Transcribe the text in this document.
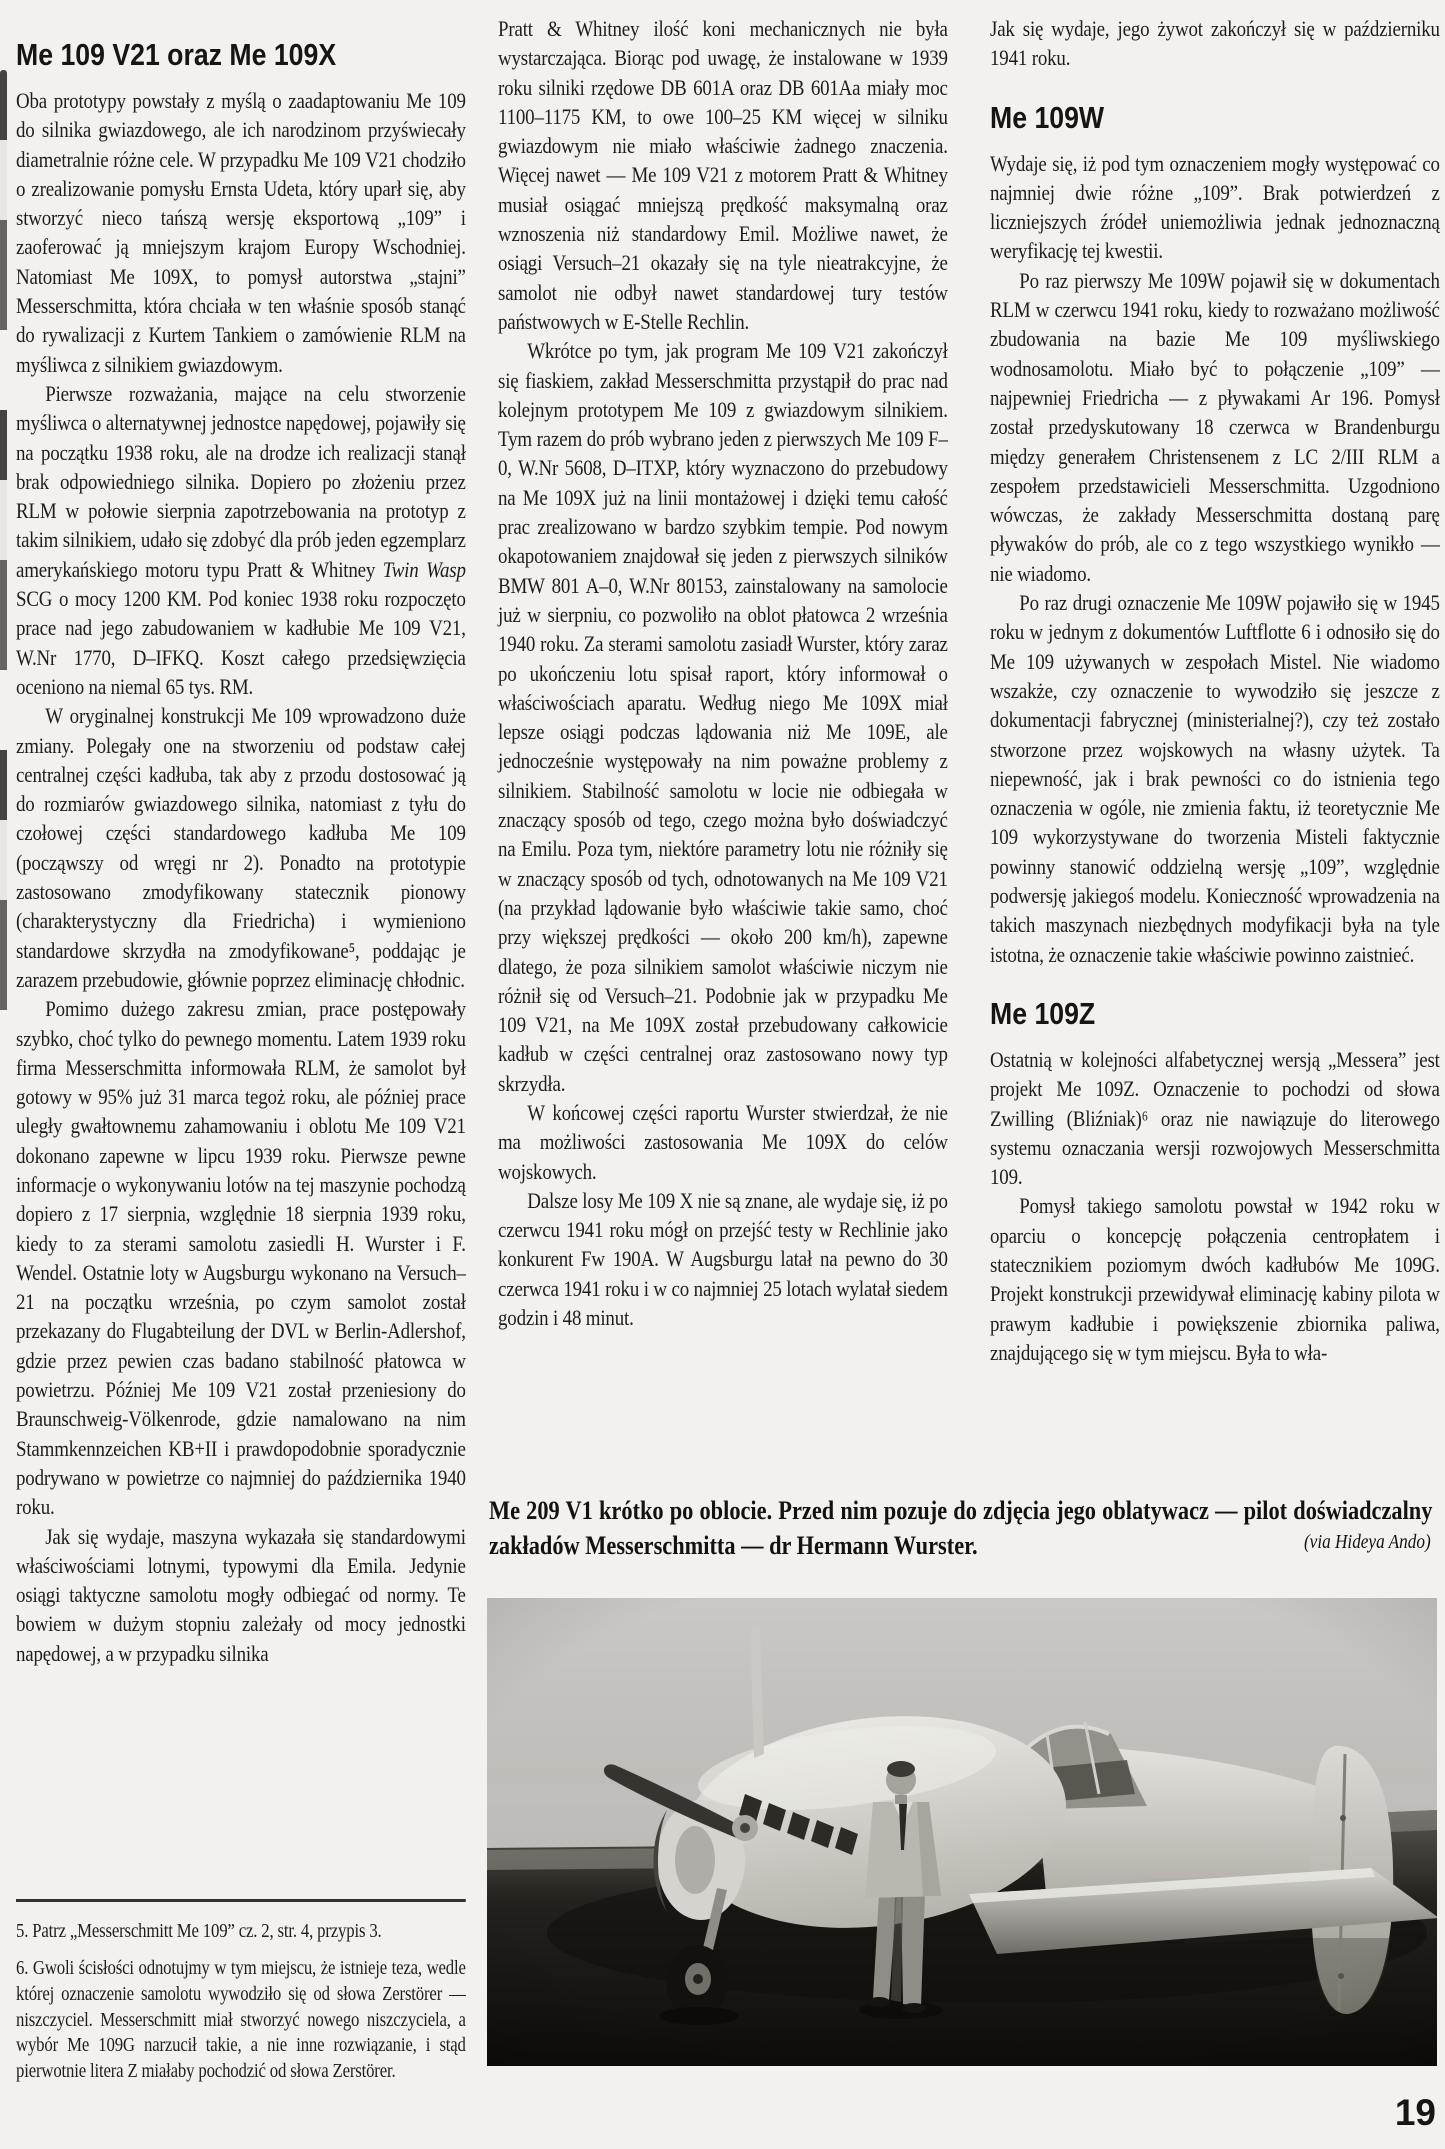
Me 109 V21 oraz Me 109X

Oba prototypy powstały z myślą o zaadaptowaniu Me 109 do silnika gwiazdowego, ale ich narodzinom przyświecały diametralnie różne cele. W przypadku Me 109 V21 chodziło o zrealizowanie pomysłu Ernsta Udeta, który uparł się, aby stworzyć nieco tańszą wersję eksportową „109” i zaoferować ją mniejszym krajom Europy Wschodniej. Natomiast Me 109X, to pomysł autorstwa „stajni” Messerschmitta, która chciała w ten właśnie sposób stanąć do rywalizacji z Kurtem Tankiem o zamówienie RLM na myśliwca z silnikiem gwiazdowym.

Pierwsze rozważania, mające na celu stworzenie myśliwca o alternatywnej jednostce napędowej, pojawiły się na początku 1938 roku, ale na drodze ich realizacji stanął brak odpowiedniego silnika. Dopiero po złożeniu przez RLM w połowie sierpnia zapotrzebowania na prototyp z takim silnikiem, udało się zdobyć dla prób jeden egzemplarz amerykańskiego motoru typu Pratt & Whitney Twin Wasp SCG o mocy 1200 KM. Pod koniec 1938 roku rozpoczęto prace nad jego zabudowaniem w kadłubie Me 109 V21, W.Nr 1770, D–IFKQ. Koszt całego przedsięwzięcia oceniono na niemal 65 tys. RM.

W oryginalnej konstrukcji Me 109 wprowadzono duże zmiany. Polegały one na stworzeniu od podstaw całej centralnej części kadłuba, tak aby z przodu dostosować ją do rozmiarów gwiazdowego silnika, natomiast z tyłu do czołowej części standardowego kadłuba Me 109 (począwszy od wręgi nr 2). Ponadto na prototypie zastosowano zmodyfikowany statecznik pionowy (charakterystyczny dla Friedricha) i wymieniono standardowe skrzydła na zmodyfikowane⁵, poddając je zarazem przebudowie, głównie poprzez eliminację chłodnic.

Pomimo dużego zakresu zmian, prace postępowały szybko, choć tylko do pewnego momentu. Latem 1939 roku firma Messerschmitta informowała RLM, że samolot był gotowy w 95% już 31 marca tegoż roku, ale później prace uległy gwałtownemu zahamowaniu i oblotu Me 109 V21 dokonano zapewne w lipcu 1939 roku. Pierwsze pewne informacje o wykonywaniu lotów na tej maszynie pochodzą dopiero z 17 sierpnia, względnie 18 sierpnia 1939 roku, kiedy to za sterami samolotu zasiedli H. Wurster i F. Wendel. Ostatnie loty w Augsburgu wykonano na Versuch–21 na początku września, po czym samolot został przekazany do Flugabteilung der DVL w Berlin-Adlershof, gdzie przez pewien czas badano stabilność płatowca w powietrzu. Później Me 109 V21 został przeniesiony do Braunschweig-Völkenrode, gdzie namalowano na nim Stammkennzeichen KB+II i prawdopodobnie sporadycznie podrywano w powietrze co najmniej do października 1940 roku.

Jak się wydaje, maszyna wykazała się standardowymi właściwościami lotnymi, typowymi dla Emila. Jedynie osiągi taktyczne samolotu mogły odbiegać od normy. Te bowiem w dużym stopniu zależały od mocy jednostki napędowej, a w przypadku silnika

5. Patrz „Messerschmitt Me 109” cz. 2, str. 4, przypis 3.

6. Gwoli ścisłości odnotujmy w tym miejscu, że istnieje teza, wedle której oznaczenie samolotu wywodziło się od słowa Zerstörer — niszczyciel. Messerschmitt miał stworzyć nowego niszczyciela, a wybór Me 109G narzucił takie, a nie inne rozwiązanie, i stąd pierwotnie litera Z miałaby pochodzić od słowa Zerstörer.

Pratt & Whitney ilość koni mechanicznych nie była wystarczająca. Biorąc pod uwagę, że instalowane w 1939 roku silniki rzędowe DB 601A oraz DB 601Aa miały moc 1100–1175 KM, to owe 100–25 KM więcej w silniku gwiazdowym nie miało właściwie żadnego znaczenia. Więcej nawet — Me 109 V21 z motorem Pratt & Whitney musiał osiągać mniejszą prędkość maksymalną oraz wznoszenia niż standardowy Emil. Możliwe nawet, że osiągi Versuch–21 okazały się na tyle nieatrakcyjne, że samolot nie odbył nawet standardowej tury testów państwowych w E-Stelle Rechlin.

Wkrótce po tym, jak program Me 109 V21 zakończył się fiaskiem, zakład Messerschmitta przystąpił do prac nad kolejnym prototypem Me 109 z gwiazdowym silnikiem. Tym razem do prób wybrano jeden z pierwszych Me 109 F–0, W.Nr 5608, D–ITXP, który wyznaczono do przebudowy na Me 109X już na linii montażowej i dzięki temu całość prac zrealizowano w bardzo szybkim tempie. Pod nowym okapotowaniem znajdował się jeden z pierwszych silników BMW 801 A–0, W.Nr 80153, zainstalowany na samolocie już w sierpniu, co pozwoliło na oblot płatowca 2 września 1940 roku. Za sterami samolotu zasiadł Wurster, który zaraz po ukończeniu lotu spisał raport, który informował o właściwościach aparatu. Według niego Me 109X miał lepsze osiągi podczas lądowania niż Me 109E, ale jednocześnie występowały na nim poważne problemy z silnikiem. Stabilność samolotu w locie nie odbiegała w znaczący sposób od tego, czego można było doświadczyć na Emilu. Poza tym, niektóre parametry lotu nie różniły się w znaczący sposób od tych, odnotowanych na Me 109 V21 (na przykład lądowanie było właściwie takie samo, choć przy większej prędkości — około 200 km/h), zapewne dlatego, że poza silnikiem samolot właściwie niczym nie różnił się od Versuch–21. Podobnie jak w przypadku Me 109 V21, na Me 109X został przebudowany całkowicie kadłub w części centralnej oraz zastosowano nowy typ skrzydła.

W końcowej części raportu Wurster stwierdzał, że nie ma możliwości zastosowania Me 109X do celów wojskowych.

Dalsze losy Me 109 X nie są znane, ale wydaje się, iż po czerwcu 1941 roku mógł on przejść testy w Rechlinie jako konkurent Fw 190A. W Augsburgu latał na pewno do 30 czerwca 1941 roku i w co najmniej 25 lotach wylatał siedem godzin i 48 minut.

Jak się wydaje, jego żywot zakończył się w październiku 1941 roku.

Me 109W

Wydaje się, iż pod tym oznaczeniem mogły występować co najmniej dwie różne „109”. Brak potwierdzeń z liczniejszych źródeł uniemożliwia jednak jednoznaczną weryfikację tej kwestii.

Po raz pierwszy Me 109W pojawił się w dokumentach RLM w czerwcu 1941 roku, kiedy to rozważano możliwość zbudowania na bazie Me 109 myśliwskiego wodnosamolotu. Miało być to połączenie „109” — najpewniej Friedricha — z pływakami Ar 196. Pomysł został przedyskutowany 18 czerwca w Brandenburgu między generałem Christensenem z LC 2/III RLM a zespołem przedstawicieli Messerschmitta. Uzgodniono wówczas, że zakłady Messerschmitta dostaną parę pływaków do prób, ale co z tego wszystkiego wynikło — nie wiadomo.

Po raz drugi oznaczenie Me 109W pojawiło się w 1945 roku w jednym z dokumentów Luftflotte 6 i odnosiło się do Me 109 używanych w zespołach Mistel. Nie wiadomo wszakże, czy oznaczenie to wywodziło się jeszcze z dokumentacji fabrycznej (ministerialnej?), czy też zostało stworzone przez wojskowych na własny użytek. Ta niepewność, jak i brak pewności co do istnienia tego oznaczenia w ogóle, nie zmienia faktu, iż teoretycznie Me 109 wykorzystywane do tworzenia Misteli faktycznie powinny stanowić oddzielną wersję „109”, względnie podwersję jakiegoś modelu. Konieczność wprowadzenia na takich maszynach niezbędnych modyfikacji była na tyle istotna, że oznaczenie takie właściwie powinno zaistnieć.

Me 109Z

Ostatnią w kolejności alfabetycznej wersją „Messera” jest projekt Me 109Z. Oznaczenie to pochodzi od słowa Zwilling (Bliźniak)⁶ oraz nie nawiązuje do literowego systemu oznaczania wersji rozwojowych Messerschmitta 109.

Pomysł takiego samolotu powstał w 1942 roku w oparciu o koncepcję połączenia centropłatem i statecznikiem poziomym dwóch kadłubów Me 109G. Projekt konstrukcji przewidywał eliminację kabiny pilota w prawym kadłubie i powiększenie zbiornika paliwa, znajdującego się w tym miejscu. Była to wła-

Me 209 V1 krótko po oblocie. Przed nim pozuje do zdjęcia jego oblatywacz — pilot doświadczalny zakładów Messerschmitta — dr Hermann Wurster.	(via Hideya Ando)
19
